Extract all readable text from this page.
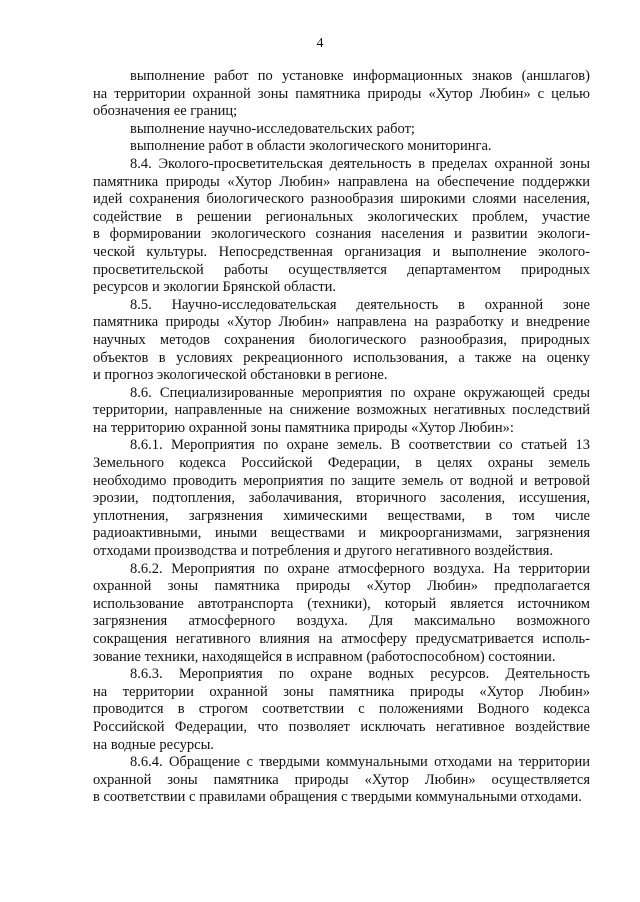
4
выполнение работ по установке информационных знаков (аншлагов)
на территории охранной зоны памятника природы «Хутор Любин» с целью
обозначения ее границ;
выполнение научно-исследовательских работ;
выполнение работ в области экологического мониторинга.
8.4. Эколого-просветительская деятельность в пределах охранной зоны
памятника природы «Хутор Любин» направлена на обеспечение поддержки
идей сохранения биологического разнообразия широкими слоями населения,
содействие в решении региональных экологических проблем, участие
в формировании экологического сознания населения и развитии экологи-
ческой культуры. Непосредственная организация и выполнение эколого-
просветительской работы осуществляется департаментом природных
ресурсов и экологии Брянской области.
8.5. Научно-исследовательская деятельность в охранной зоне
памятника природы «Хутор Любин» направлена на разработку и внедрение
научных методов сохранения биологического разнообразия, природных
объектов в условиях рекреационного использования, а также на оценку
и прогноз экологической обстановки в регионе.
8.6. Специализированные мероприятия по охране окружающей среды
территории, направленные на снижение возможных негативных последствий
на территорию охранной зоны памятника природы «Хутор Любин»:
8.6.1. Мероприятия по охране земель. В соответствии со статьей 13
Земельного кодекса Российской Федерации, в целях охраны земель
необходимо проводить мероприятия по защите земель от водной и ветровой
эрозии, подтопления, заболачивания, вторичного засоления, иссушения,
уплотнения, загрязнения химическими веществами, в том числе
радиоактивными, иными веществами и микроорганизмами, загрязнения
отходами производства и потребления и другого негативного воздействия.
8.6.2. Мероприятия по охране атмосферного воздуха. На территории
охранной зоны памятника природы «Хутор Любин» предполагается
использование автотранспорта (техники), который является источником
загрязнения атмосферного воздуха. Для максимально возможного
сокращения негативного влияния на атмосферу предусматривается исполь-
зование техники, находящейся в исправном (работоспособном) состоянии.
8.6.3. Мероприятия по охране водных ресурсов. Деятельность
на территории охранной зоны памятника природы «Хутор Любин»
проводится в строгом соответствии с положениями Водного кодекса
Российской Федерации, что позволяет исключать негативное воздействие
на водные ресурсы.
8.6.4. Обращение с твердыми коммунальными отходами на территории
охранной зоны памятника природы «Хутор Любин» осуществляется
в соответствии с правилами обращения с твердыми коммунальными отходами.
